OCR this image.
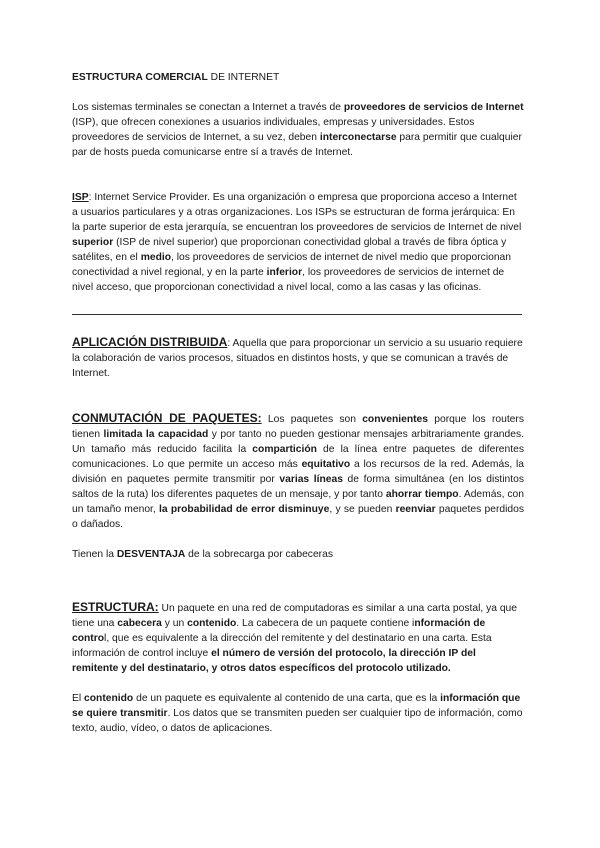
ESTRUCTURA COMERCIAL DE INTERNET

Los sistemas terminales se conectan a Internet a través de proveedores de servicios de Internet (ISP), que ofrecen conexiones a usuarios individuales, empresas y universidades. Estos proveedores de servicios de Internet, a su vez, deben interconectarse para permitir que cualquier par de hosts pueda comunicarse entre sí a través de Internet.

ISP: Internet Service Provider. Es una organización o empresa que proporciona acceso a Internet a usuarios particulares y a otras organizaciones. Los ISPs se estructuran de forma jerárquica: En la parte superior de esta jerarquía, se encuentran los proveedores de servicios de Internet de nivel superior (ISP de nivel superior) que proporcionan conectividad global a través de fibra óptica y satélites, en el medio, los proveedores de servicios de internet de nivel medio que proporcionan conectividad a nivel regional, y en la parte inferior, los proveedores de servicios de internet de nivel acceso, que proporcionan conectividad a nivel local, como a las casas y las oficinas.

APLICACIÓN DISTRIBUIDA: Aquella que para proporcionar un servicio a su usuario requiere la colaboración de varios procesos, situados en distintos hosts, y que se comunican a través de Internet.

CONMUTACIÓN DE PAQUETES: Los paquetes son convenientes porque los routers tienen limitada la capacidad y por tanto no pueden gestionar mensajes arbitrariamente grandes. Un tamaño más reducido facilita la compartición de la línea entre paquetes de diferentes comunicaciones. Lo que permite un acceso más equitativo a los recursos de la red. Además, la división en paquetes permite transmitir por varias líneas de forma simultánea (en los distintos saltos de la ruta) los diferentes paquetes de un mensaje, y por tanto ahorrar tiempo. Además, con un tamaño menor, la probabilidad de error disminuye, y se pueden reenviar paquetes perdidos o dañados.

Tienen la DESVENTAJA de la sobrecarga por cabeceras

ESTRUCTURA: Un paquete en una red de computadoras es similar a una carta postal, ya que tiene una cabecera y un contenido. La cabecera de un paquete contiene información de control, que es equivalente a la dirección del remitente y del destinatario en una carta. Esta información de control incluye el número de versión del protocolo, la dirección IP del remitente y del destinatario, y otros datos específicos del protocolo utilizado.

El contenido de un paquete es equivalente al contenido de una carta, que es la información que se quiere transmitir. Los datos que se transmiten pueden ser cualquier tipo de información, como texto, audio, vídeo, o datos de aplicaciones.
